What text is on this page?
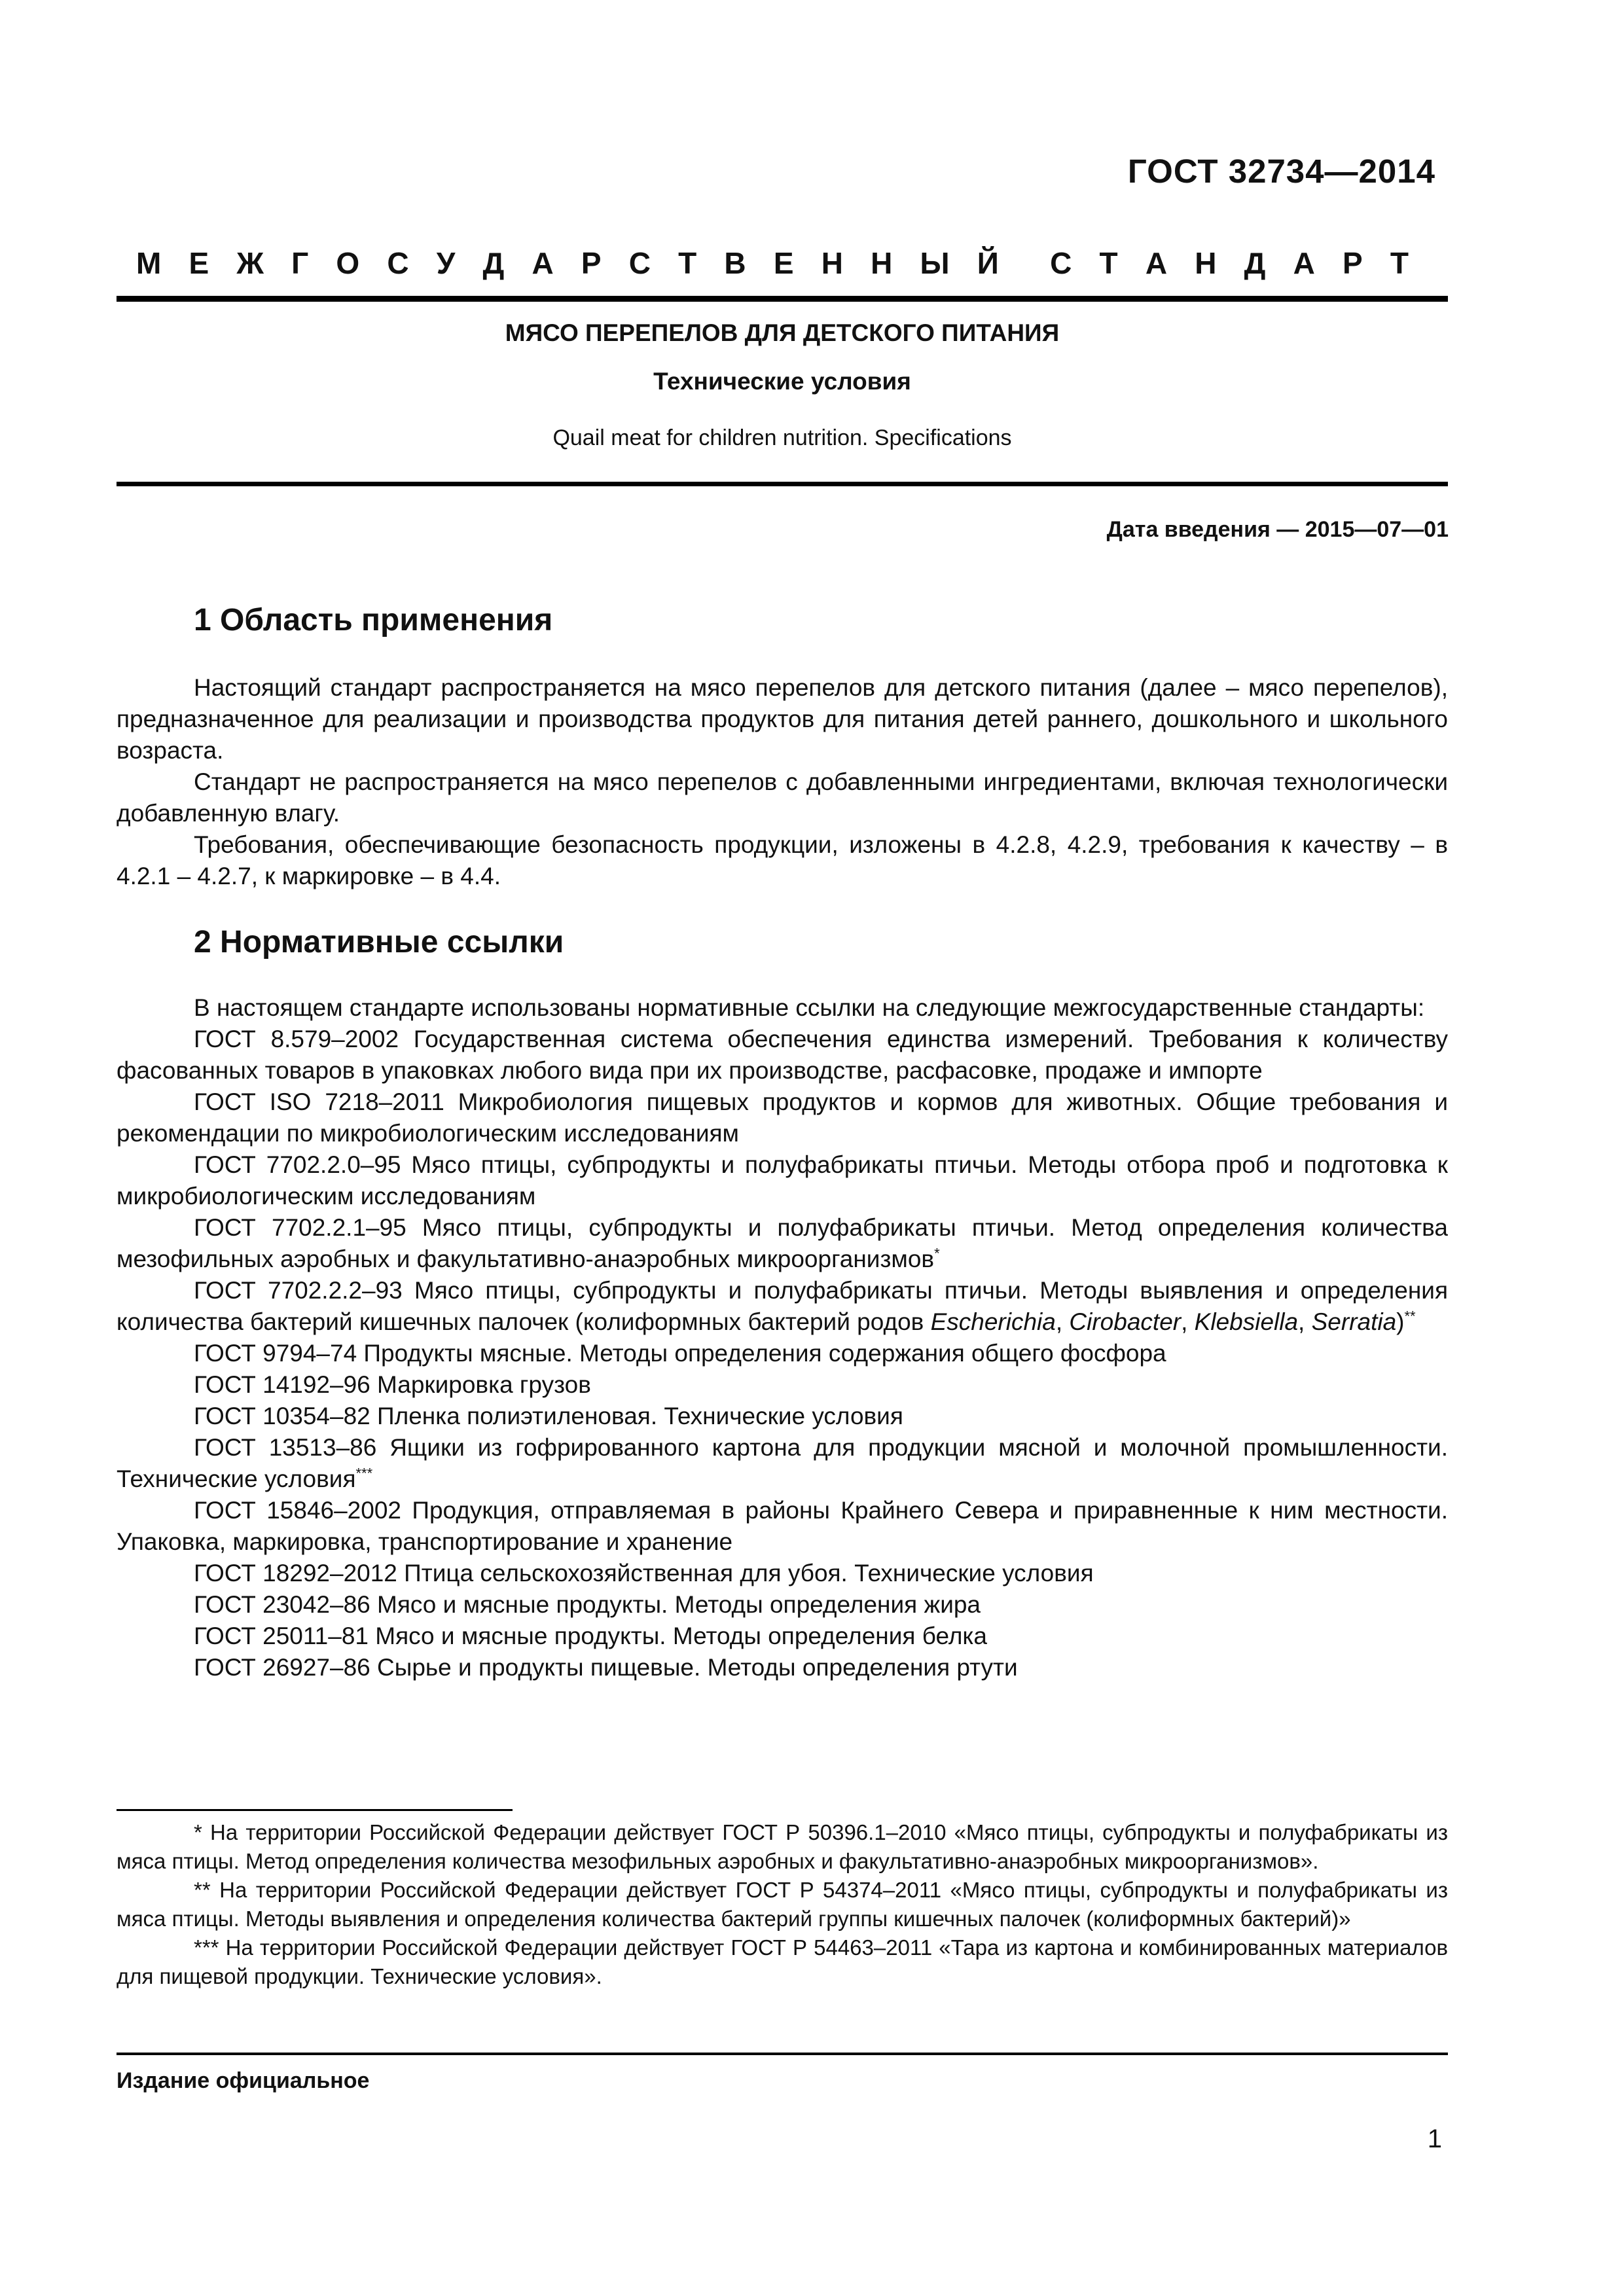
ГОСТ 32734—2014
М Е Ж Г О С У Д А Р С Т В Е Н Н Ы Й С Т А Н Д А Р Т
МЯСО ПЕРЕПЕЛОВ ДЛЯ ДЕТСКОГО ПИТАНИЯ
Технические условия
Quail meat for children nutrition. Specifications
Дата введения — 2015—07—01
1 Область применения

Настоящий стандарт распространяется на мясо перепелов для детского питания (далее – мясо перепелов), предназначенное для реализации и производства продуктов для питания детей раннего, дошкольного и школьного возраста.

Стандарт не распространяется на мясо перепелов с добавленными ингредиентами, включая технологически добавленную влагу.

Требования, обеспечивающие безопасность продукции, изложены в 4.2.8, 4.2.9, требования к качеству – в 4.2.1 – 4.2.7, к маркировке – в 4.4.

2 Нормативные ссылки

В настоящем стандарте использованы нормативные ссылки на следующие межгосударственные стандарты:

ГОСТ 8.579–2002 Государственная система обеспечения единства измерений. Требования к количеству фасованных товаров в упаковках любого вида при их производстве, расфасовке, продаже и импорте

ГОСТ ISO 7218–2011 Микробиология пищевых продуктов и кормов для животных. Общие требования и рекомендации по микробиологическим исследованиям

ГОСТ 7702.2.0–95 Мясо птицы, субпродукты и полуфабрикаты птичьи. Методы отбора проб и подготовка к микробиологическим исследованиям

ГОСТ 7702.2.1–95 Мясо птицы, субпродукты и полуфабрикаты птичьи. Метод определения количества мезофильных аэробных и факультативно-анаэробных микроорганизмов*

ГОСТ 7702.2.2–93 Мясо птицы, субпродукты и полуфабрикаты птичьи. Методы выявления и определения количества бактерий кишечных палочек (колиформных бактерий родов Escherichia, Cirobacter, Klebsiella, Serratia)**

ГОСТ 9794–74 Продукты мясные. Методы определения содержания общего фосфора

ГОСТ 14192–96 Маркировка грузов

ГОСТ 10354–82 Пленка полиэтиленовая. Технические условия

ГОСТ 13513–86 Ящики из гофрированного картона для продукции мясной и молочной промышленности. Технические условия***

ГОСТ 15846–2002 Продукция, отправляемая в районы Крайнего Севера и приравненные к ним местности. Упаковка, маркировка, транспортирование и хранение

ГОСТ 18292–2012 Птица сельскохозяйственная для убоя. Технические условия

ГОСТ 23042–86 Мясо и мясные продукты. Методы определения жира

ГОСТ 25011–81 Мясо и мясные продукты. Методы определения белка

ГОСТ 26927–86 Сырье и продукты пищевые. Методы определения ртути

* На территории Российской Федерации действует ГОСТ Р 50396.1–2010 «Мясо птицы, субпродукты и полуфабрикаты из мяса птицы. Метод определения количества мезофильных аэробных и факультативно-анаэробных микроорганизмов».

** На территории Российской Федерации действует ГОСТ Р 54374–2011 «Мясо птицы, субпродукты и полуфабрикаты из мяса птицы. Методы выявления и определения количества бактерий группы кишечных палочек (колиформных бактерий)»

*** На территории Российской Федерации действует ГОСТ Р 54463–2011 «Тара из картона и комбинированных материалов для пищевой продукции. Технические условия».

Издание официальное
1
